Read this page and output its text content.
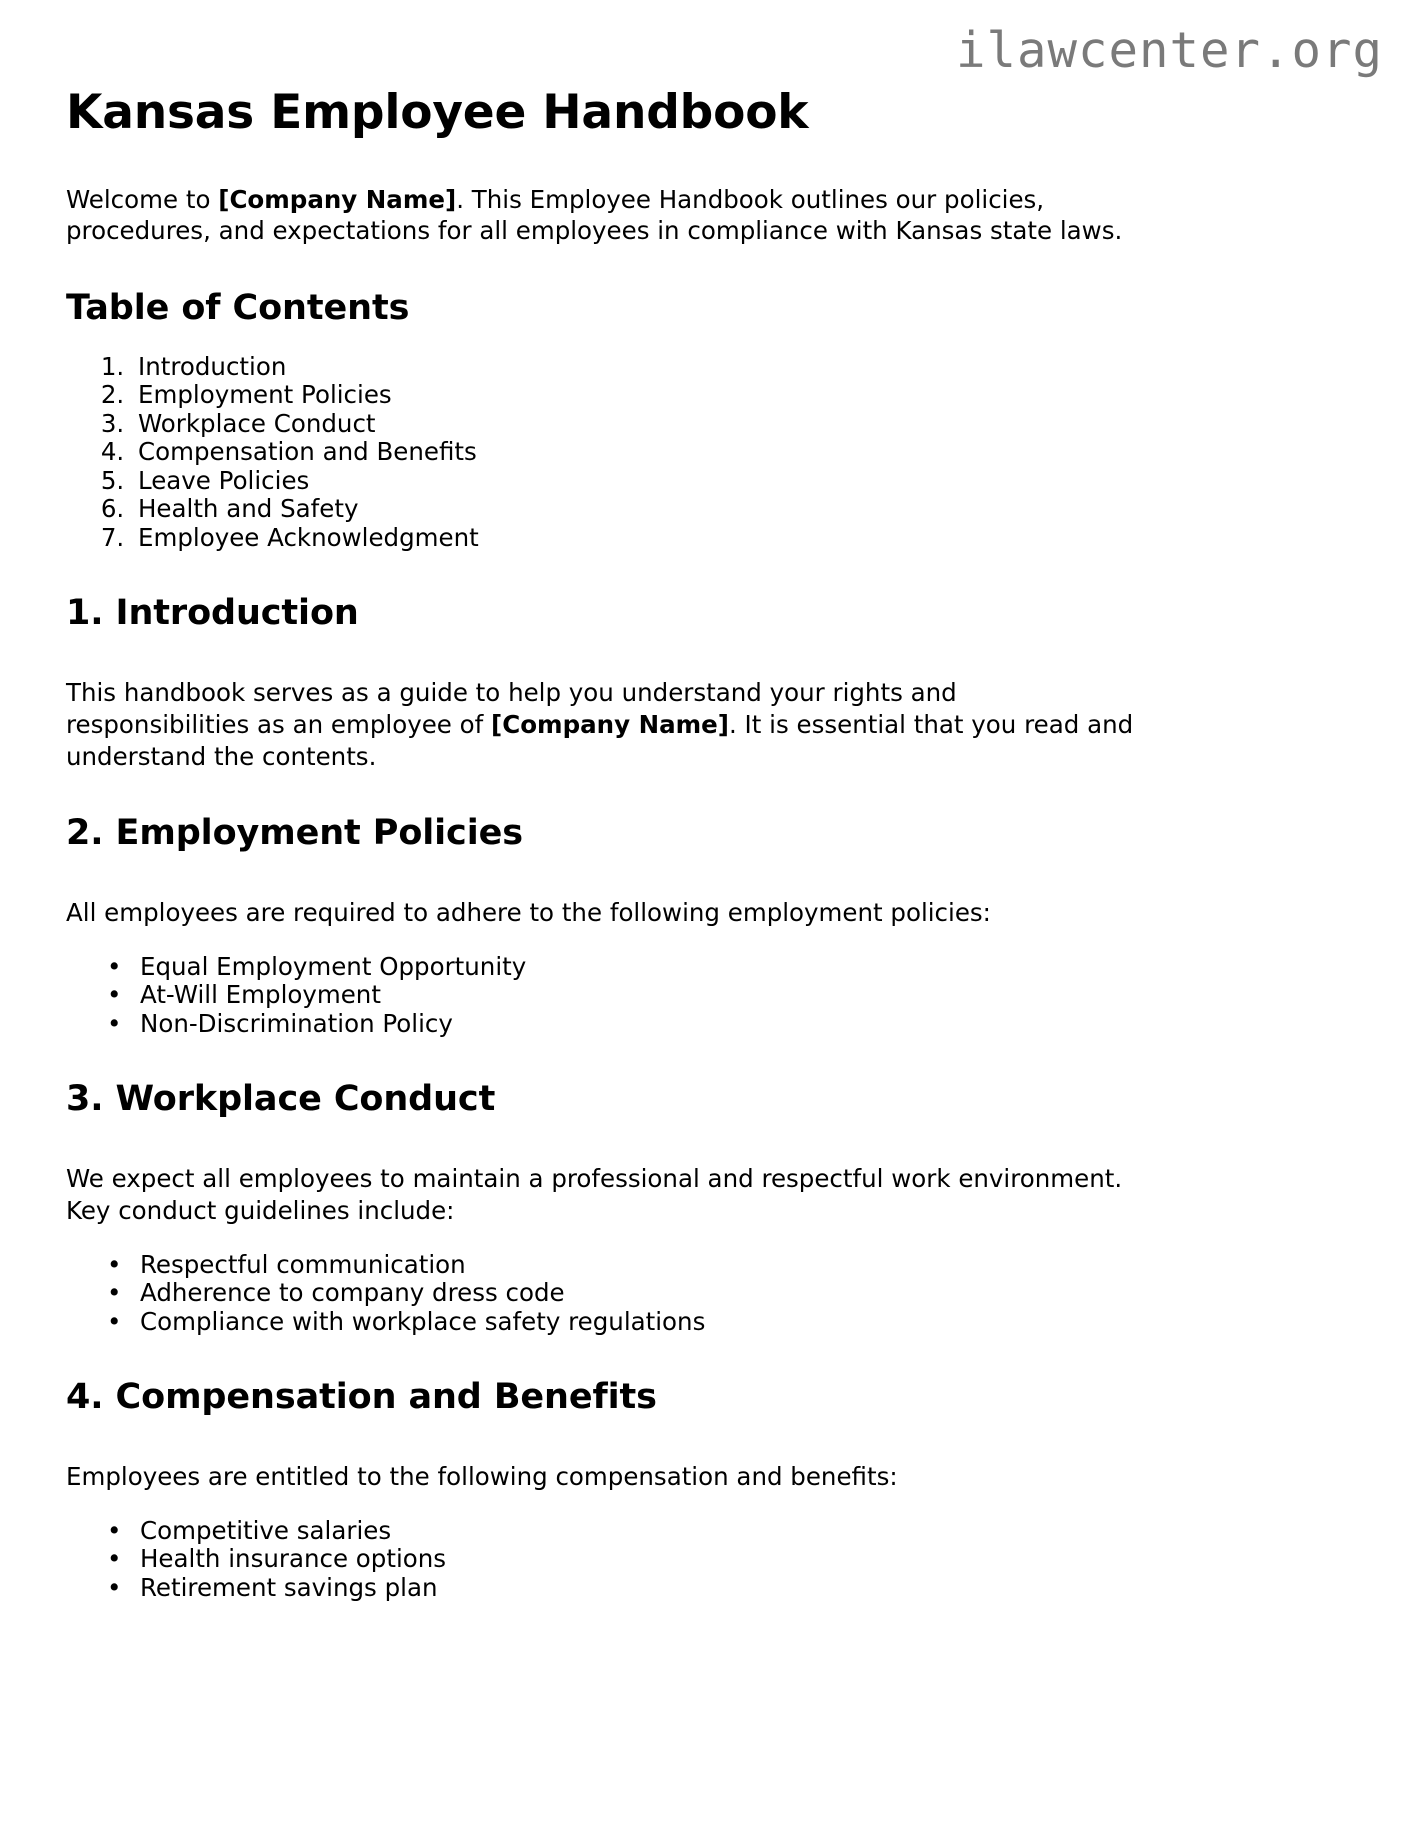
ilawcenter.org
Kansas Employee Handbook

Welcome to [Company Name]. This Employee Handbook outlines our policies, procedures, and expectations for all employees in compliance with Kansas state laws.

Table of Contents
1. Introduction
2. Employment Policies
3. Workplace Conduct
4. Compensation and Benefits
5. Leave Policies
6. Health and Safety
7. Employee Acknowledgment
1. Introduction

This handbook serves as a guide to help you understand your rights and responsibilities as an employee of [Company Name]. It is essential that you read and understand the contents.

2. Employment Policies

All employees are required to adhere to the following employment policies:

• Equal Employment Opportunity
• At-Will Employment
• Non-Discrimination Policy
3. Workplace Conduct

We expect all employees to maintain a professional and respectful work environment. Key conduct guidelines include:

• Respectful communication
• Adherence to company dress code
• Compliance with workplace safety regulations
4. Compensation and Benefits

Employees are entitled to the following compensation and benefits:

• Competitive salaries
• Health insurance options
• Retirement savings plan
